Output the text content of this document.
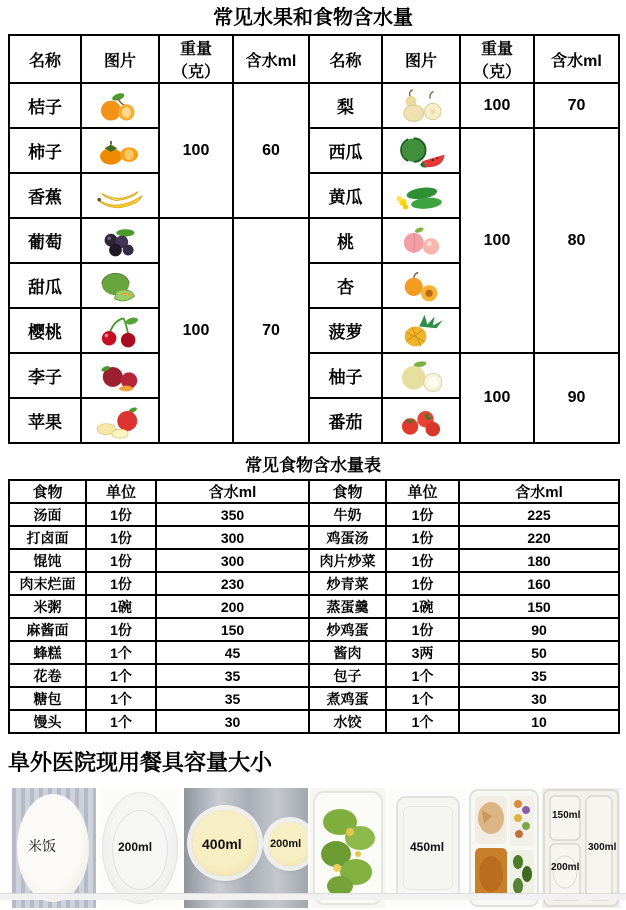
常见水果和食物含水量
名称	图片	重量（克）	含水ml	名称	图片	重量（克）	含水ml
桔子		100	60	梨		100	70
柿子				西瓜		100	80
香蕉				黄瓜	

葡萄		100	70	桃	

甜瓜				杏	

樱桃				菠萝	

李子				柚子		100	90
苹果				番茄	
常见食物含水量表
食物	单位	含水ml	食物	单位	含水ml
汤面	1份	350	牛奶	1份	225
打卤面	1份	300	鸡蛋汤	1份	220
馄饨	1份	300	肉片炒菜	1份	180
肉末烂面	1份	230	炒青菜	1份	160
米粥	1碗	200	蒸蛋羹	1碗	150
麻酱面	1份	150	炒鸡蛋	1份	90
蜂糕	1个	45	酱肉	3两	50
花卷	1个	35	包子	1个	35
糖包	1个	35	煮鸡蛋	1个	30
馒头	1个	30	水饺	1个	10
阜外医院现用餐具容量大小
米饭	200ml	400ml	200ml	450ml
150ml
300ml
200ml
